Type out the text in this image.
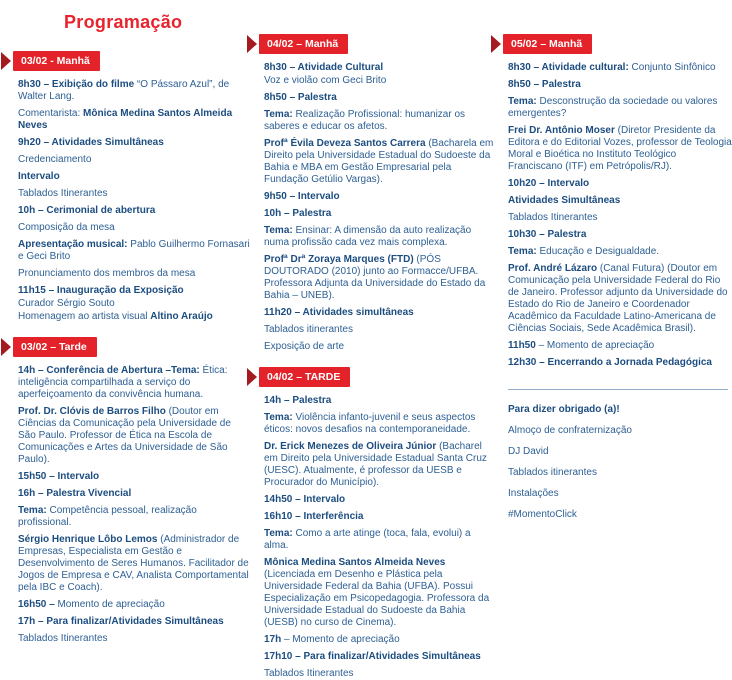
Programação
03/02 - Manhã

8h30 – Exibição do filme “O Pássaro Azul”, de Walter Lang.

Comentarista: Mônica Medina Santos Almeida Neves

9h20 – Atividades Simultâneas

Credenciamento

Intervalo

Tablados Itinerantes

10h – Cerimonial de abertura

Composição da mesa

Apresentação musical: Pablo Guilhermo Fornasari e Geci Brito

Pronunciamento dos membros da mesa

11h15 – Inauguração da Exposição

Curador Sérgio Souto

Homenagem ao artista visual Altino Araújo

03/02 – Tarde

14h – Conferência de Abertura –Tema: Ética: inteligência compartilhada a serviço do aperfeiçoamento da convivência humana.

Prof. Dr. Clóvis de Barros Filho (Doutor em Ciências da Comunicação pela Universidade de São Paulo. Professor de Ética na Escola de Comunicações e Artes da Universidade de São Paulo).

15h50 – Intervalo

16h – Palestra Vivencial

Tema: Competência pessoal, realização profissional.

Sérgio Henrique Lôbo Lemos (Administrador de Empresas, Especialista em Gestão e Desenvolvimento de Seres Humanos. Facilitador de Jogos de Empresa e CAV, Analista Comportamental pela IBC e Coach).

16h50 – Momento de apreciação

17h – Para finalizar/Atividades Simultâneas

Tablados Itinerantes

04/02 – Manhã

8h30 – Atividade Cultural

Voz e violão com Geci Brito

8h50 – Palestra

Tema: Realização Profissional: humanizar os saberes e educar os afetos.

Profª Évila Deveza Santos Carrera (Bacharela em Direito pela Universidade Estadual do Sudoeste da Bahia e MBA em Gestão Empresarial pela Fundação Getúlio Vargas).

9h50 – Intervalo

10h – Palestra

Tema: Ensinar: A dimensão da auto realização numa profissão cada vez mais complexa.

Profª Drª Zoraya Marques (FTD) (PÓS DOUTORADO (2010) junto ao Formacce/UFBA. Professora Adjunta da Universidade do Estado da Bahia – UNEB).

11h20 – Atividades simultâneas

Tablados itinerantes

Exposição de arte

04/02 – TARDE

14h – Palestra

Tema: Violência infanto-juvenil e seus aspectos éticos: novos desafios na contemporaneidade.

Dr. Erick Menezes de Oliveira Júnior (Bacharel em Direito pela Universidade Estadual Santa Cruz (UESC). Atualmente, é professor da UESB e Procurador do Município).

14h50 – Intervalo

16h10 – Interferência

Tema: Como a arte atinge (toca, fala, evolui) a alma.

Mônica Medina Santos Almeida Neves (Licenciada em Desenho e Plástica pela Universidade Federal da Bahia (UFBA). Possui Especialização em Psicopedagogia. Professora da Universidade Estadual do Sudoeste da Bahia (UESB) no curso de Cinema).

17h – Momento de apreciação

17h10 – Para finalizar/Atividades Simultâneas

Tablados Itinerantes

05/02 – Manhã

8h30 – Atividade cultural: Conjunto Sinfônico

8h50 – Palestra

Tema: Desconstrução da sociedade ou valores emergentes?

Frei Dr. Antônio Moser (Diretor Presidente da Editora e do Editorial Vozes, professor de Teologia Moral e Bioética no Instituto Teológico Franciscano (ITF) em Petrópolis/RJ).

10h20 – Intervalo

Atividades Simultâneas

Tablados Itinerantes

10h30 – Palestra

Tema: Educação e Desigualdade.

Prof. André Lázaro (Canal Futura) (Doutor em Comunicação pela Universidade Federal do Rio de Janeiro. Professor adjunto da Universidade do Estado do Rio de Janeiro e Coordenador Acadêmico da Faculdade Latino-Americana de Ciências Sociais, Sede Acadêmica Brasil).

11h50 – Momento de apreciação

12h30 – Encerrando a Jornada Pedagógica

Para dizer obrigado (a)!

Almoço de confraternização

DJ David

Tablados itinerantes

Instalações

#MomentoClick
